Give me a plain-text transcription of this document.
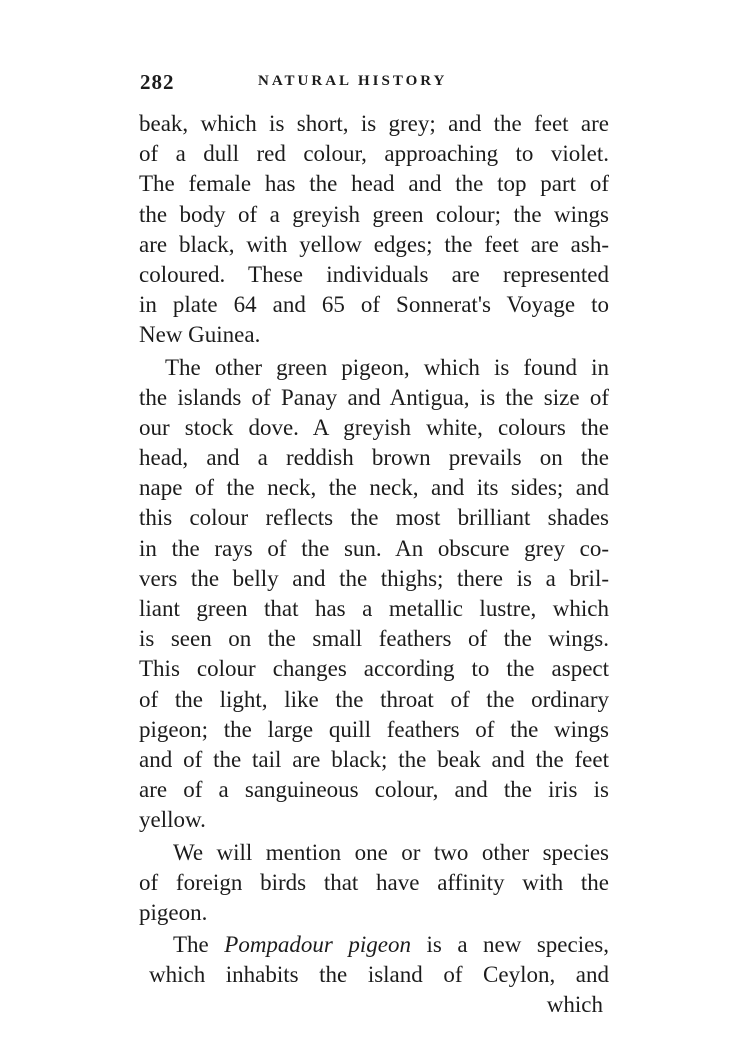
282	NATURAL HISTORY
beak, which is short, is grey; and the feet are
of a dull red colour, approaching to violet.
The female has the head and the top part of
the body of a greyish green colour; the wings
are black, with yellow edges; the feet are ash-
coloured. These individuals are represented
in plate 64 and 65 of Sonnerat's Voyage to
New Guinea.
The other green pigeon, which is found in
the islands of Panay and Antigua, is the size of
our stock dove. A greyish white, colours the
head, and a reddish brown prevails on the
nape of the neck, the neck, and its sides; and
this colour reflects the most brilliant shades
in the rays of the sun. An obscure grey co-
vers the belly and the thighs; there is a bril-
liant green that has a metallic lustre, which
is seen on the small feathers of the wings.
This colour changes according to the aspect
of the light, like the throat of the ordinary
pigeon; the large quill feathers of the wings
and of the tail are black; the beak and the feet
are of a sanguineous colour, and the iris is
yellow.
We will mention one or two other species
of foreign birds that have affinity with the
pigeon.
The Pompadour pigeon is a new species,
which inhabits the island of Ceylon, and
which
